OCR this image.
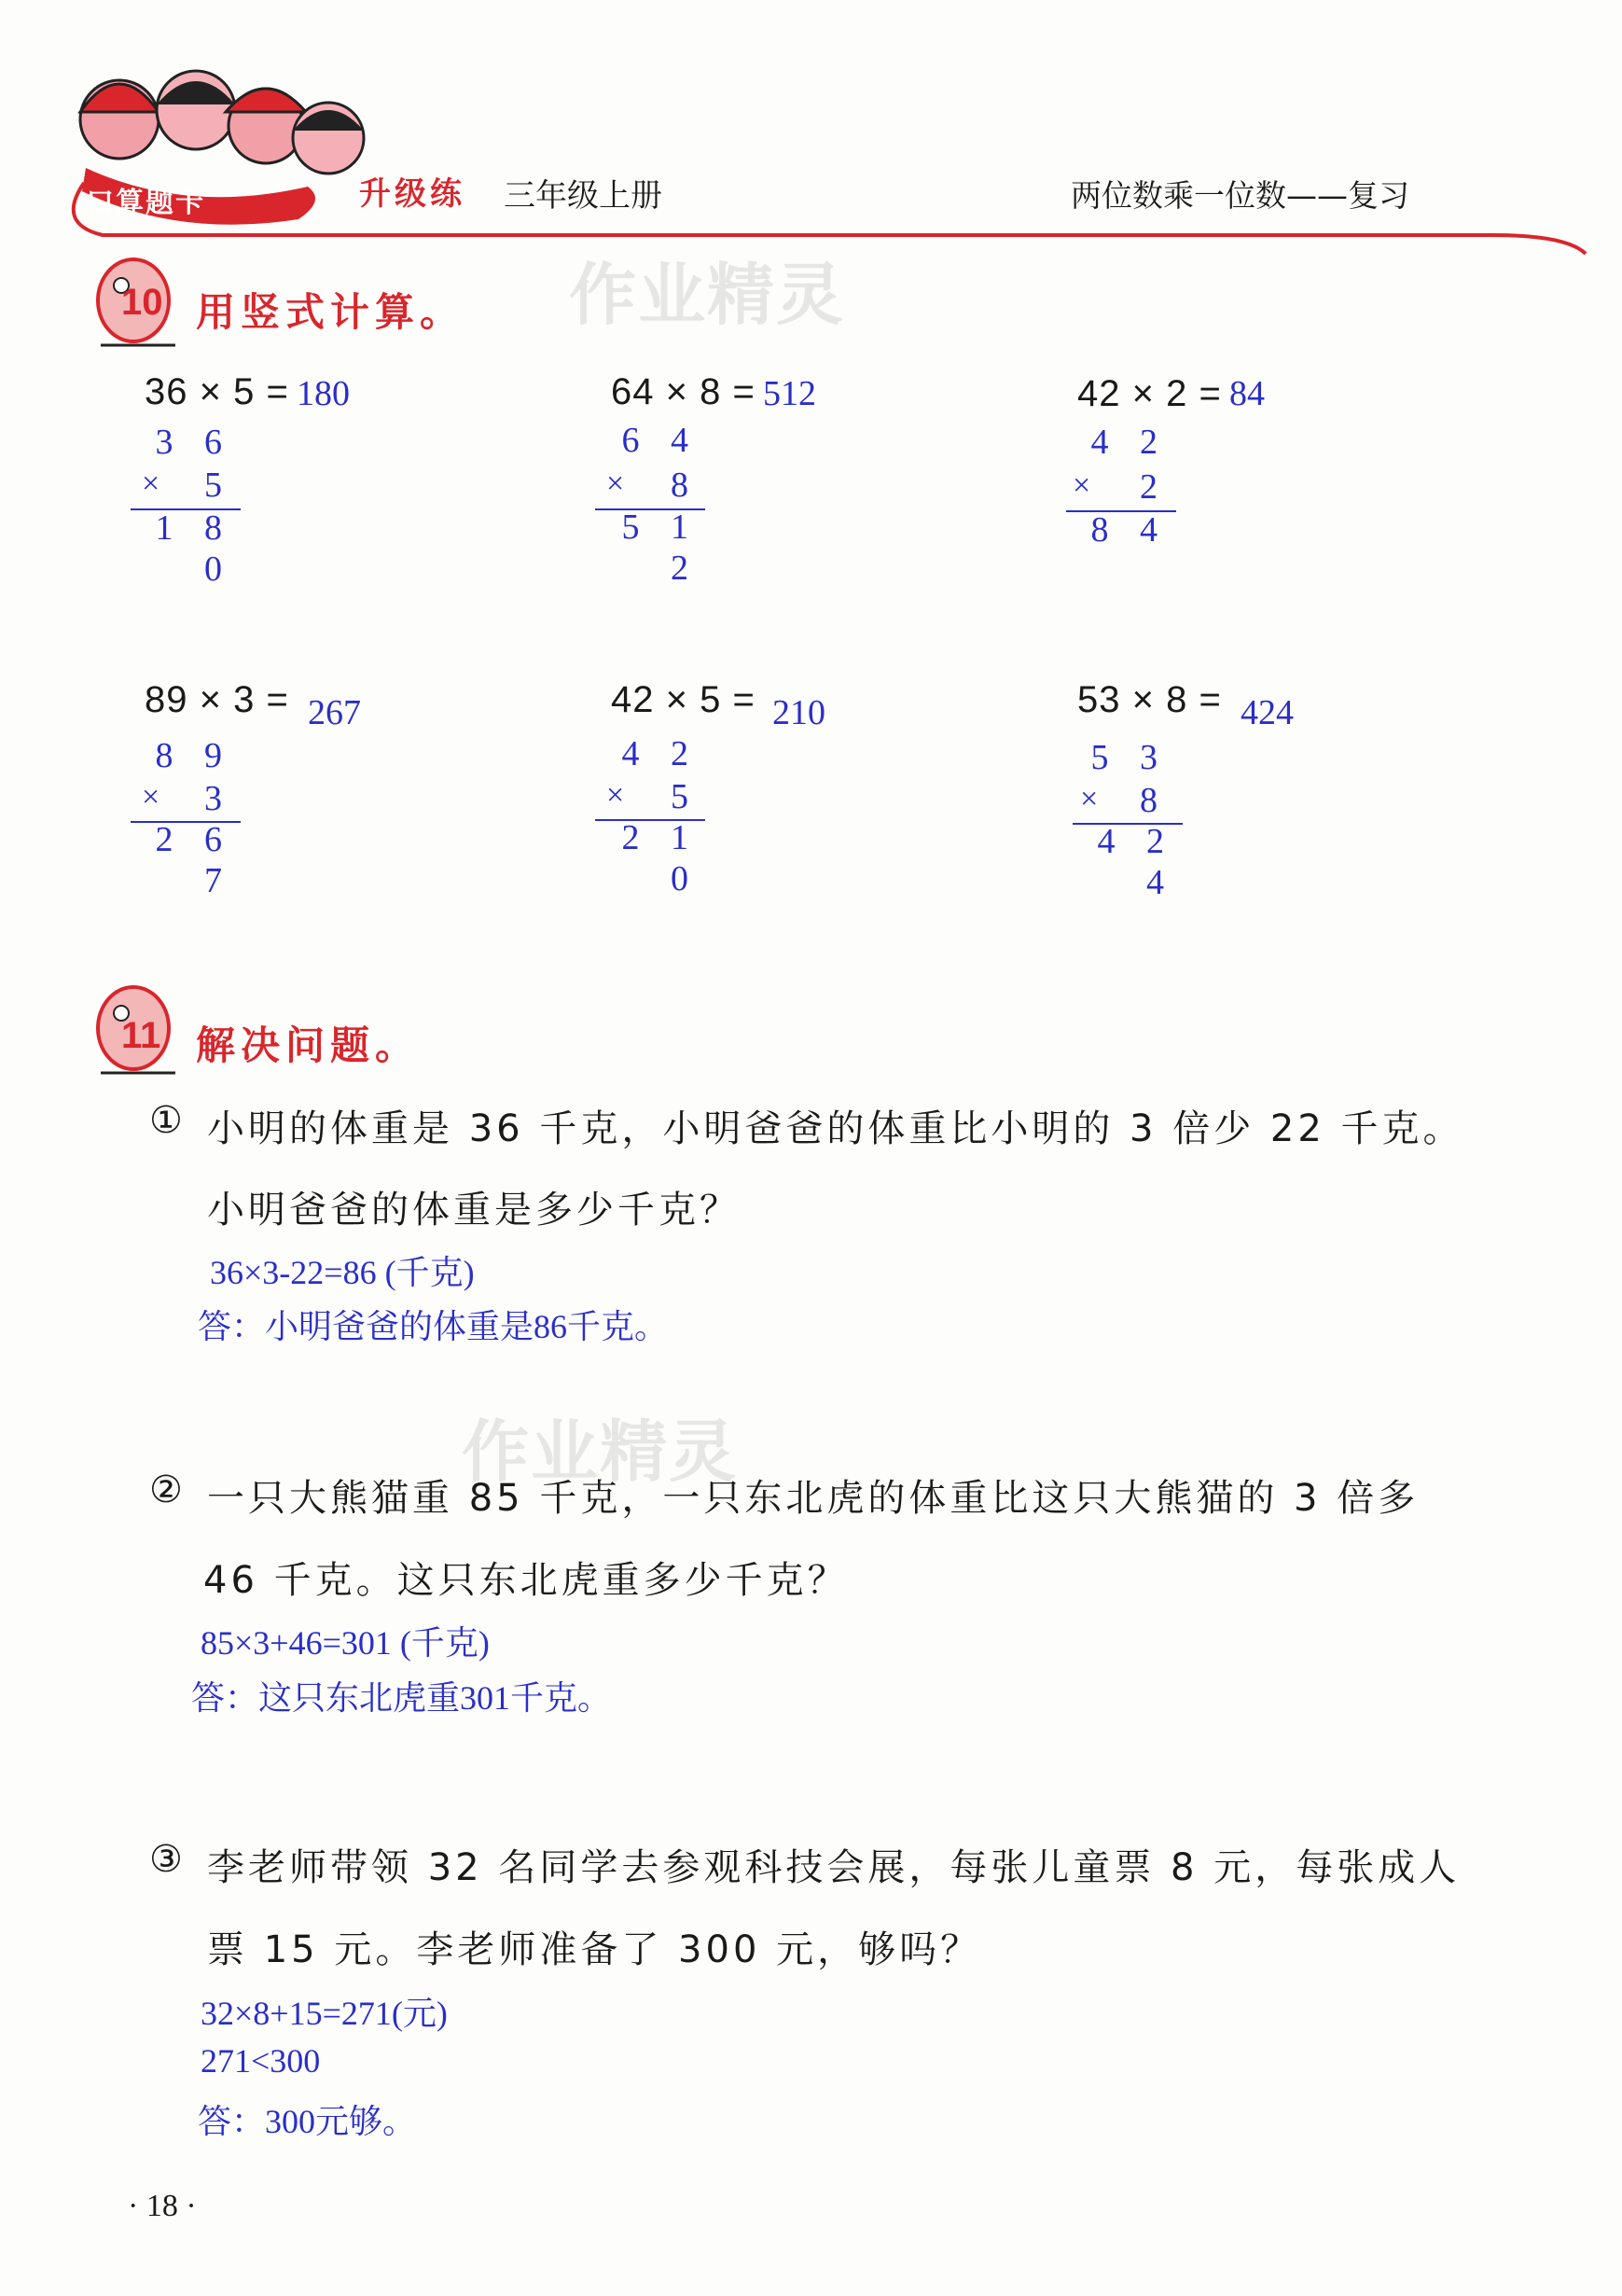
口算题卡	升级练 三年级上册	两位数乘一位数——复习
作业精灵
作业精灵
10 用竖式计算。
36 × 5 = 180
3 6
×	5
1 8 0
64 × 8 = 512
6 4
×	8
5 1 2
42 × 2 = 84
4 2
×	2
8 4
89 × 3 = 267
8 9
×	3
2 6 7
42 × 5 = 210
4 2
×	5
2 1 0
53 × 8 = 424
5 3
×	8
4 2 4
11 解决问题。
① 小明的体重是 36 千克，小明爸爸的体重比小明的 3 倍少 22 千克。
小明爸爸的体重是多少千克？
36×3-22=86 (千克)
答：小明爸爸的体重是86千克。
② 一只大熊猫重 85 千克，一只东北虎的体重比这只大熊猫的 3 倍多
46 千克。这只东北虎重多少千克？
85×3+46=301 (千克)
答：这只东北虎重301千克。
③ 李老师带领 32 名同学去参观科技会展，每张儿童票 8 元，每张成人
票 15 元。李老师准备了 300 元，够吗？
32×8+15=271(元)
271<300
答：300元够。
· 18 ·
